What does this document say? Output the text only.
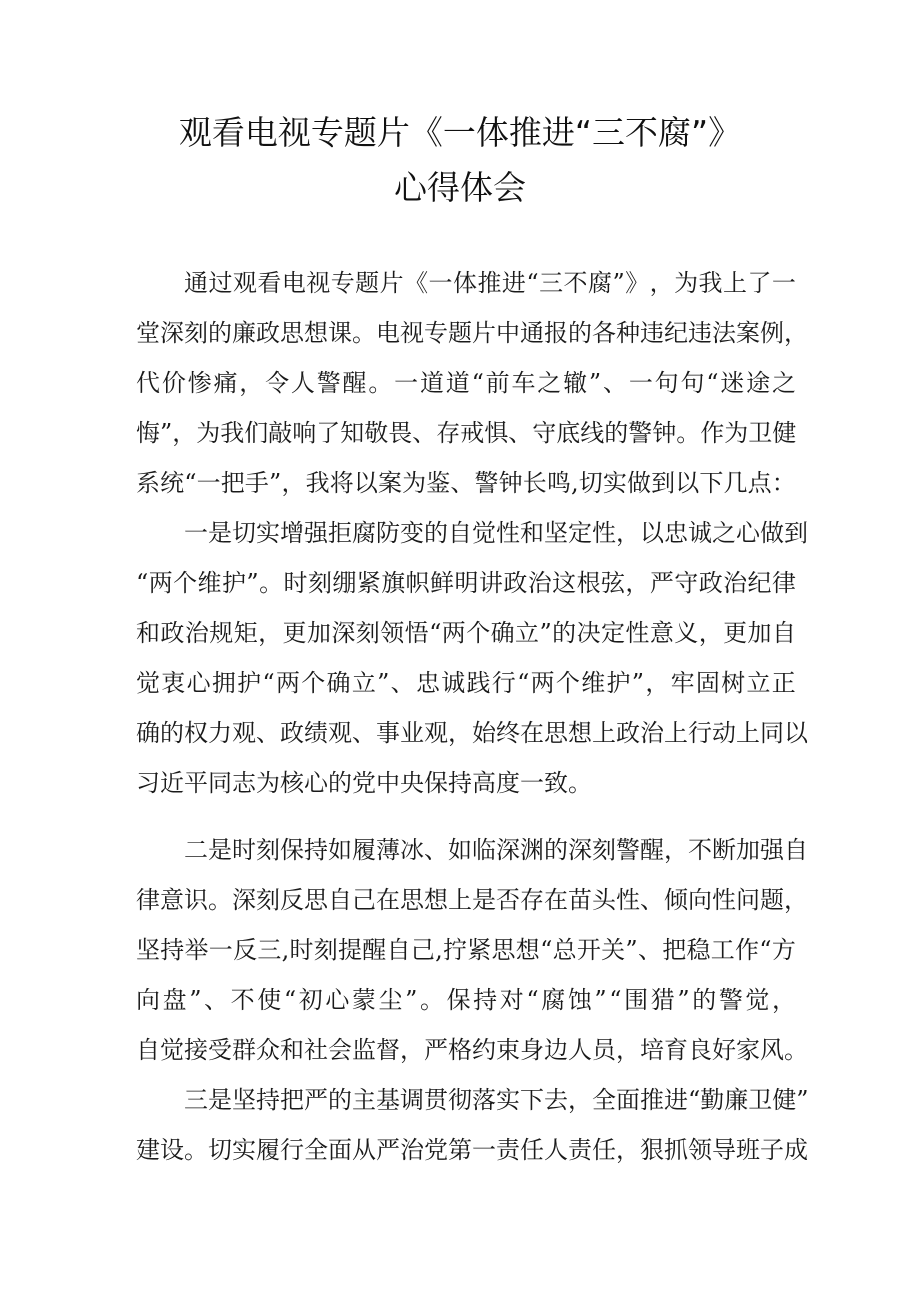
观看电视专题片《一体推进“三不腐”》
心得体会
通 过 观 看 电 视 专 题 片 《 一 体 推 进 “ 三 不 腐 ” 》 ， 为 我 上 了 一
堂 深 刻 的 廉 政 思 想 课 。 电 视 专 题 片 中 通 报 的 各 种 违 纪 违 法 案 例 ，
代 价 惨 痛 ， 令 人 警 醒 。 一 道 道 “ 前 车 之 辙 ” 、 一 句 句 “ 迷 途 之
悔 ” ， 为 我 们 敲 响 了 知 敬 畏 、 存 戒 惧 、 守 底 线 的 警 钟 。 作 为 卫 健
系 统 “ 一 把 手 ” ， 我 将 以 案 为 鉴 、 警 钟 长 鸣 , 切 实 做 到 以 下 几 点 ：
一 是 切 实 增 强 拒 腐 防 变 的 自 觉 性 和 坚 定 性 ， 以 忠 诚 之 心 做 到
“ 两 个 维 护 ” 。 时 刻 绷 紧 旗 帜 鲜 明 讲 政 治 这 根 弦 ， 严 守 政 治 纪 律
和 政 治 规 矩 ， 更 加 深 刻 领 悟 “ 两 个 确 立 ” 的 决 定 性 意 义 ， 更 加 自
觉 衷 心 拥 护 “ 两 个 确 立 ” 、 忠 诚 践 行 “ 两 个 维 护 ” ， 牢 固 树 立 正
确 的 权 力 观 、 政 绩 观 、 事 业 观 ， 始 终 在 思 想 上 政 治 上 行 动 上 同 以
习近平同志为核心的党中央保持高度一致。
二 是 时 刻 保 持 如 履 薄 冰 、 如 临 深 渊 的 深 刻 警 醒 ， 不 断 加 强 自
律 意 识 。 深 刻 反 思 自 己 在 思 想 上 是 否 存 在 苗 头 性 、 倾 向 性 问 题 ，
坚 持 举 一 反 三 , 时 刻 提 醒 自 己 , 拧 紧 思 想 “ 总 开 关 ” 、 把 稳 工 作 “ 方
向 盘 ” 、 不 使 “ 初 心 蒙 尘 ” 。 保 持 对 “ 腐 蚀 ” “ 围 猎 ” 的 警 觉 ，
自 觉 接 受 群 众 和 社 会 监 督 ， 严 格 约 束 身 边 人 员 ， 培 育 良 好 家 风 。
三 是 坚 持 把 严 的 主 基 调 贯 彻 落 实 下 去 ， 全 面 推 进 “ 勤 廉 卫 健 ”
建 设 。 切 实 履 行 全 面 从 严 治 党 第 一 责 任 人 责 任 ， 狠 抓 领 导 班 子 成
